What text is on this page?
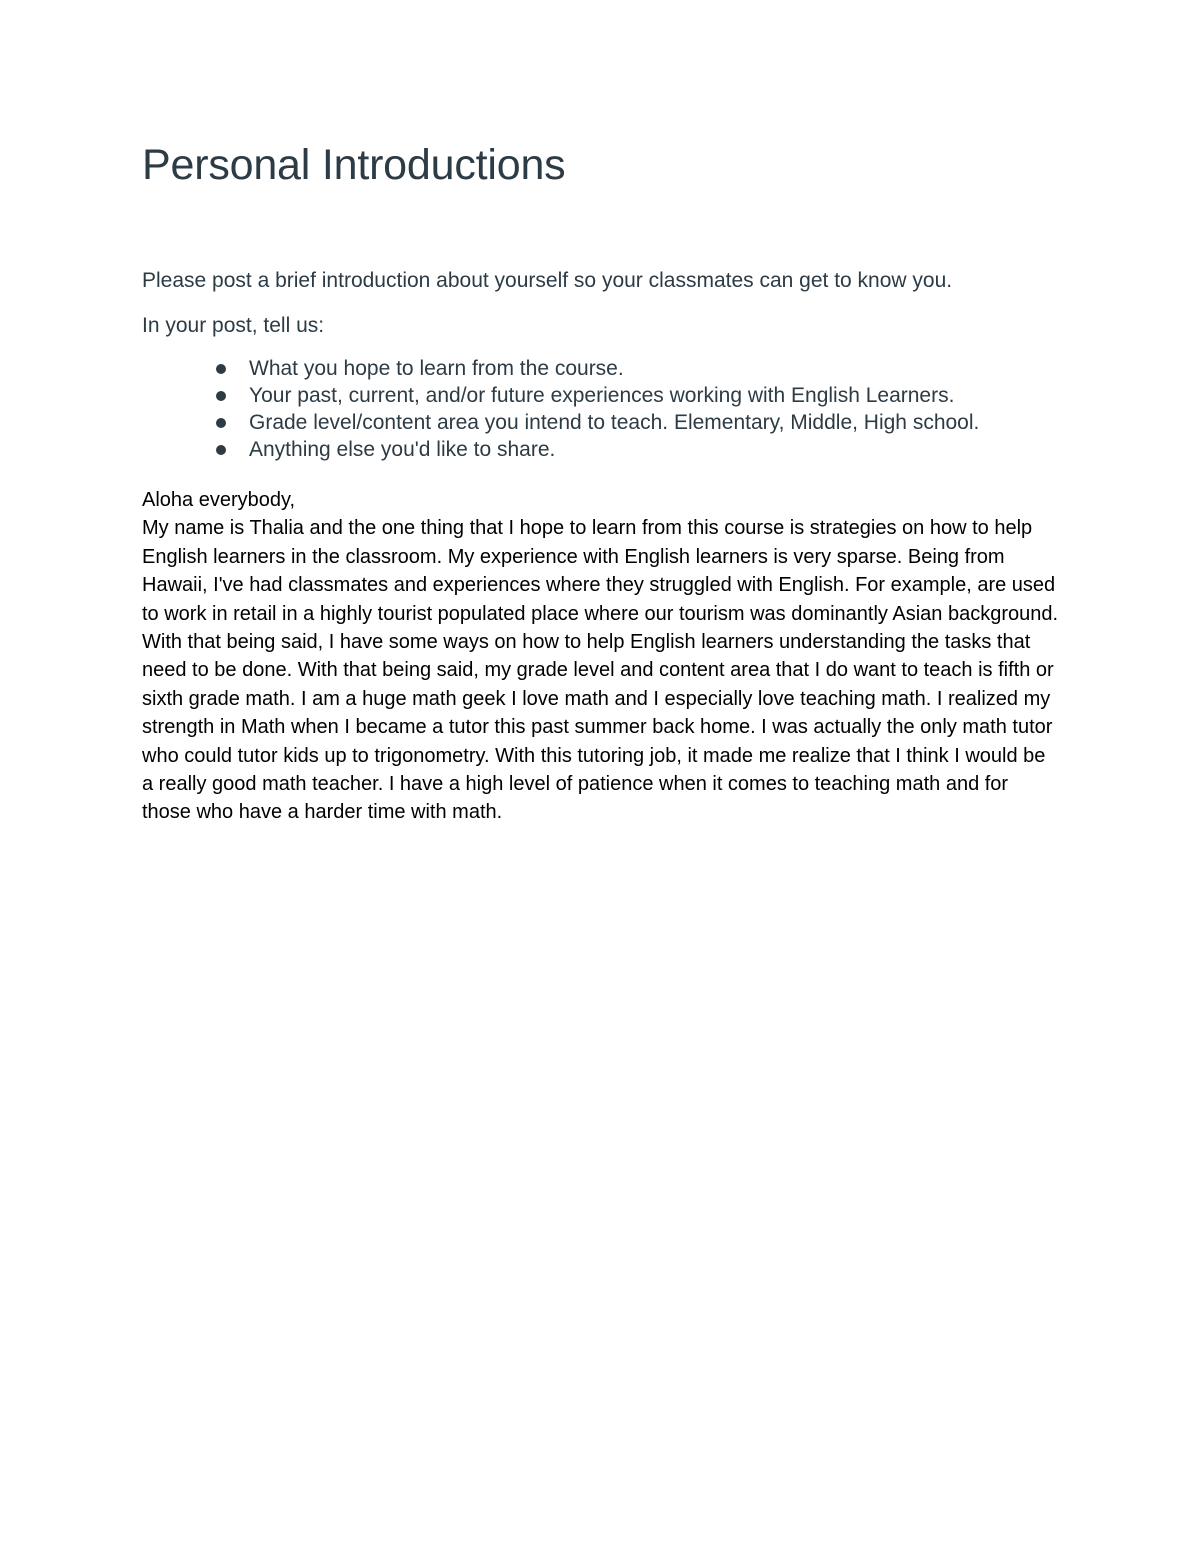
Personal Introductions

Please post a brief introduction about yourself so your classmates can get to know you.

In your post, tell us:

What you hope to learn from the course.
Your past, current, and/or future experiences working with English Learners.
Grade level/content area you intend to teach. Elementary, Middle, High school.
Anything else you'd like to share.

Aloha everybody,

My name is Thalia and the one thing that I hope to learn from this course is strategies on how to help English learners in the classroom. My experience with English learners is very sparse. Being from Hawaii, I've had classmates and experiences where they struggled with English. For example, are used to work in retail in a highly tourist populated place where our tourism was dominantly Asian background. With that being said, I have some ways on how to help English learners understanding the tasks that need to be done. With that being said, my grade level and content area that I do want to teach is fifth or sixth grade math. I am a huge math geek I love math and I especially love teaching math. I realized my strength in Math when I became a tutor this past summer back home. I was actually the only math tutor who could tutor kids up to trigonometry. With this tutoring job, it made me realize that I think I would be a really good math teacher. I have a high level of patience when it comes to teaching math and for those who have a harder time with math.
